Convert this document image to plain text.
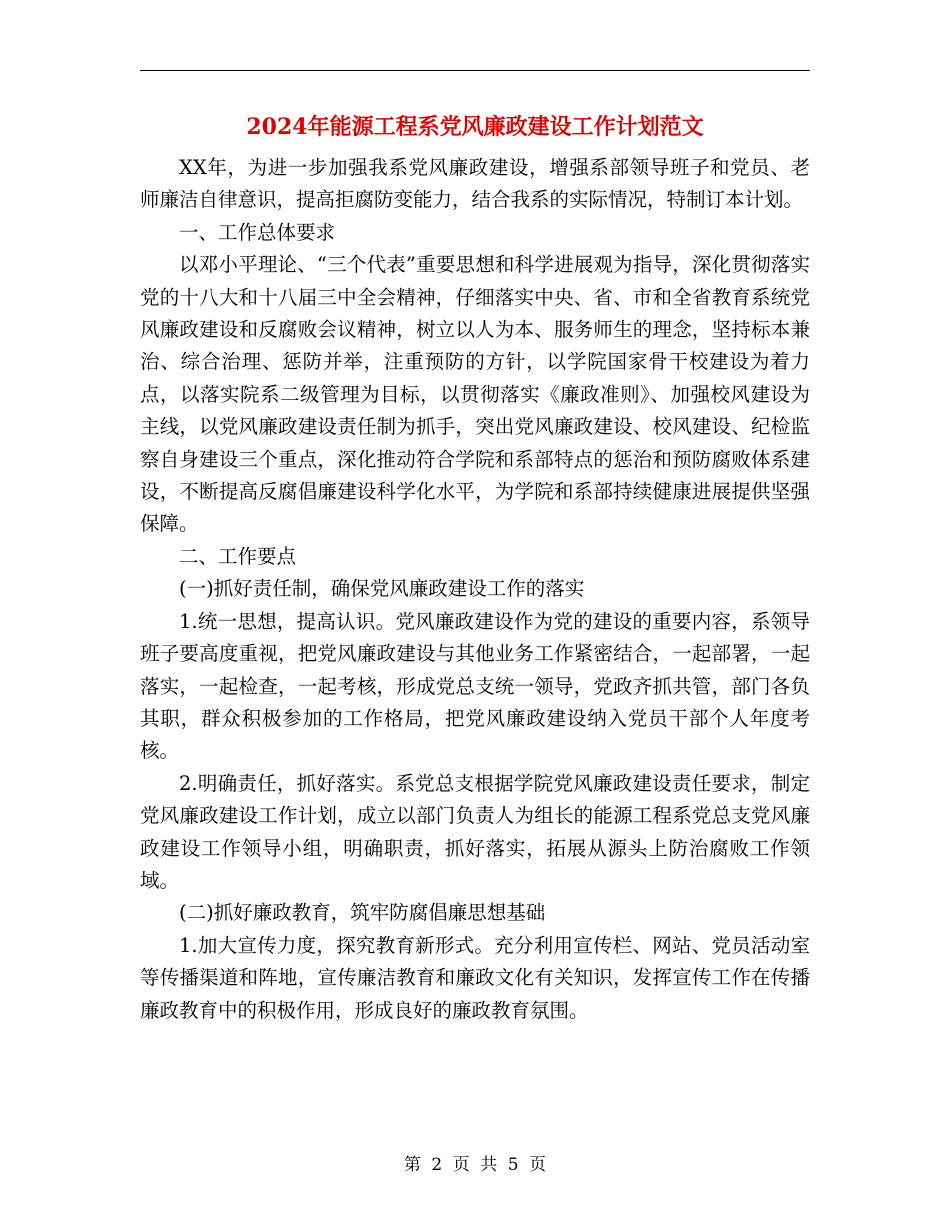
2024年能源工程系党风廉政建设工作计划范文

XX年，为进一步加强我系党风廉政建设，增强系部领导班子和党员、老师廉洁自律意识，提高拒腐防变能力，结合我系的实际情况，特制订本计划。

一、工作总体要求

以邓小平理论、“三个代表”重要思想和科学进展观为指导，深化贯彻落实党的十八大和十八届三中全会精神，仔细落实中央、省、市和全省教育系统党风廉政建设和反腐败会议精神，树立以人为本、服务师生的理念，坚持标本兼治、综合治理、惩防并举，注重预防的方针，以学院国家骨干校建设为着力点，以落实院系二级管理为目标，以贯彻落实《廉政准则》、加强校风建设为主线，以党风廉政建设责任制为抓手，突出党风廉政建设、校风建设、纪检监察自身建设三个重点，深化推动符合学院和系部特点的惩治和预防腐败体系建设，不断提高反腐倡廉建设科学化水平，为学院和系部持续健康进展提供坚强保障。

二、工作要点

(一)抓好责任制，确保党风廉政建设工作的落实

1.统一思想，提高认识。党风廉政建设作为党的建设的重要内容，系领导班子要高度重视，把党风廉政建设与其他业务工作紧密结合，一起部署，一起落实，一起检查，一起考核，形成党总支统一领导，党政齐抓共管，部门各负其职，群众积极参加的工作格局，把党风廉政建设纳入党员干部个人年度考核。

2.明确责任，抓好落实。系党总支根据学院党风廉政建设责任要求，制定党风廉政建设工作计划，成立以部门负责人为组长的能源工程系党总支党风廉政建设工作领导小组，明确职责，抓好落实，拓展从源头上防治腐败工作领域。

(二)抓好廉政教育，筑牢防腐倡廉思想基础

1.加大宣传力度，探究教育新形式。充分利用宣传栏、网站、党员活动室等传播渠道和阵地，宣传廉洁教育和廉政文化有关知识，发挥宣传工作在传播廉政教育中的积极作用，形成良好的廉政教育氛围。

第 2 页 共 5 页
